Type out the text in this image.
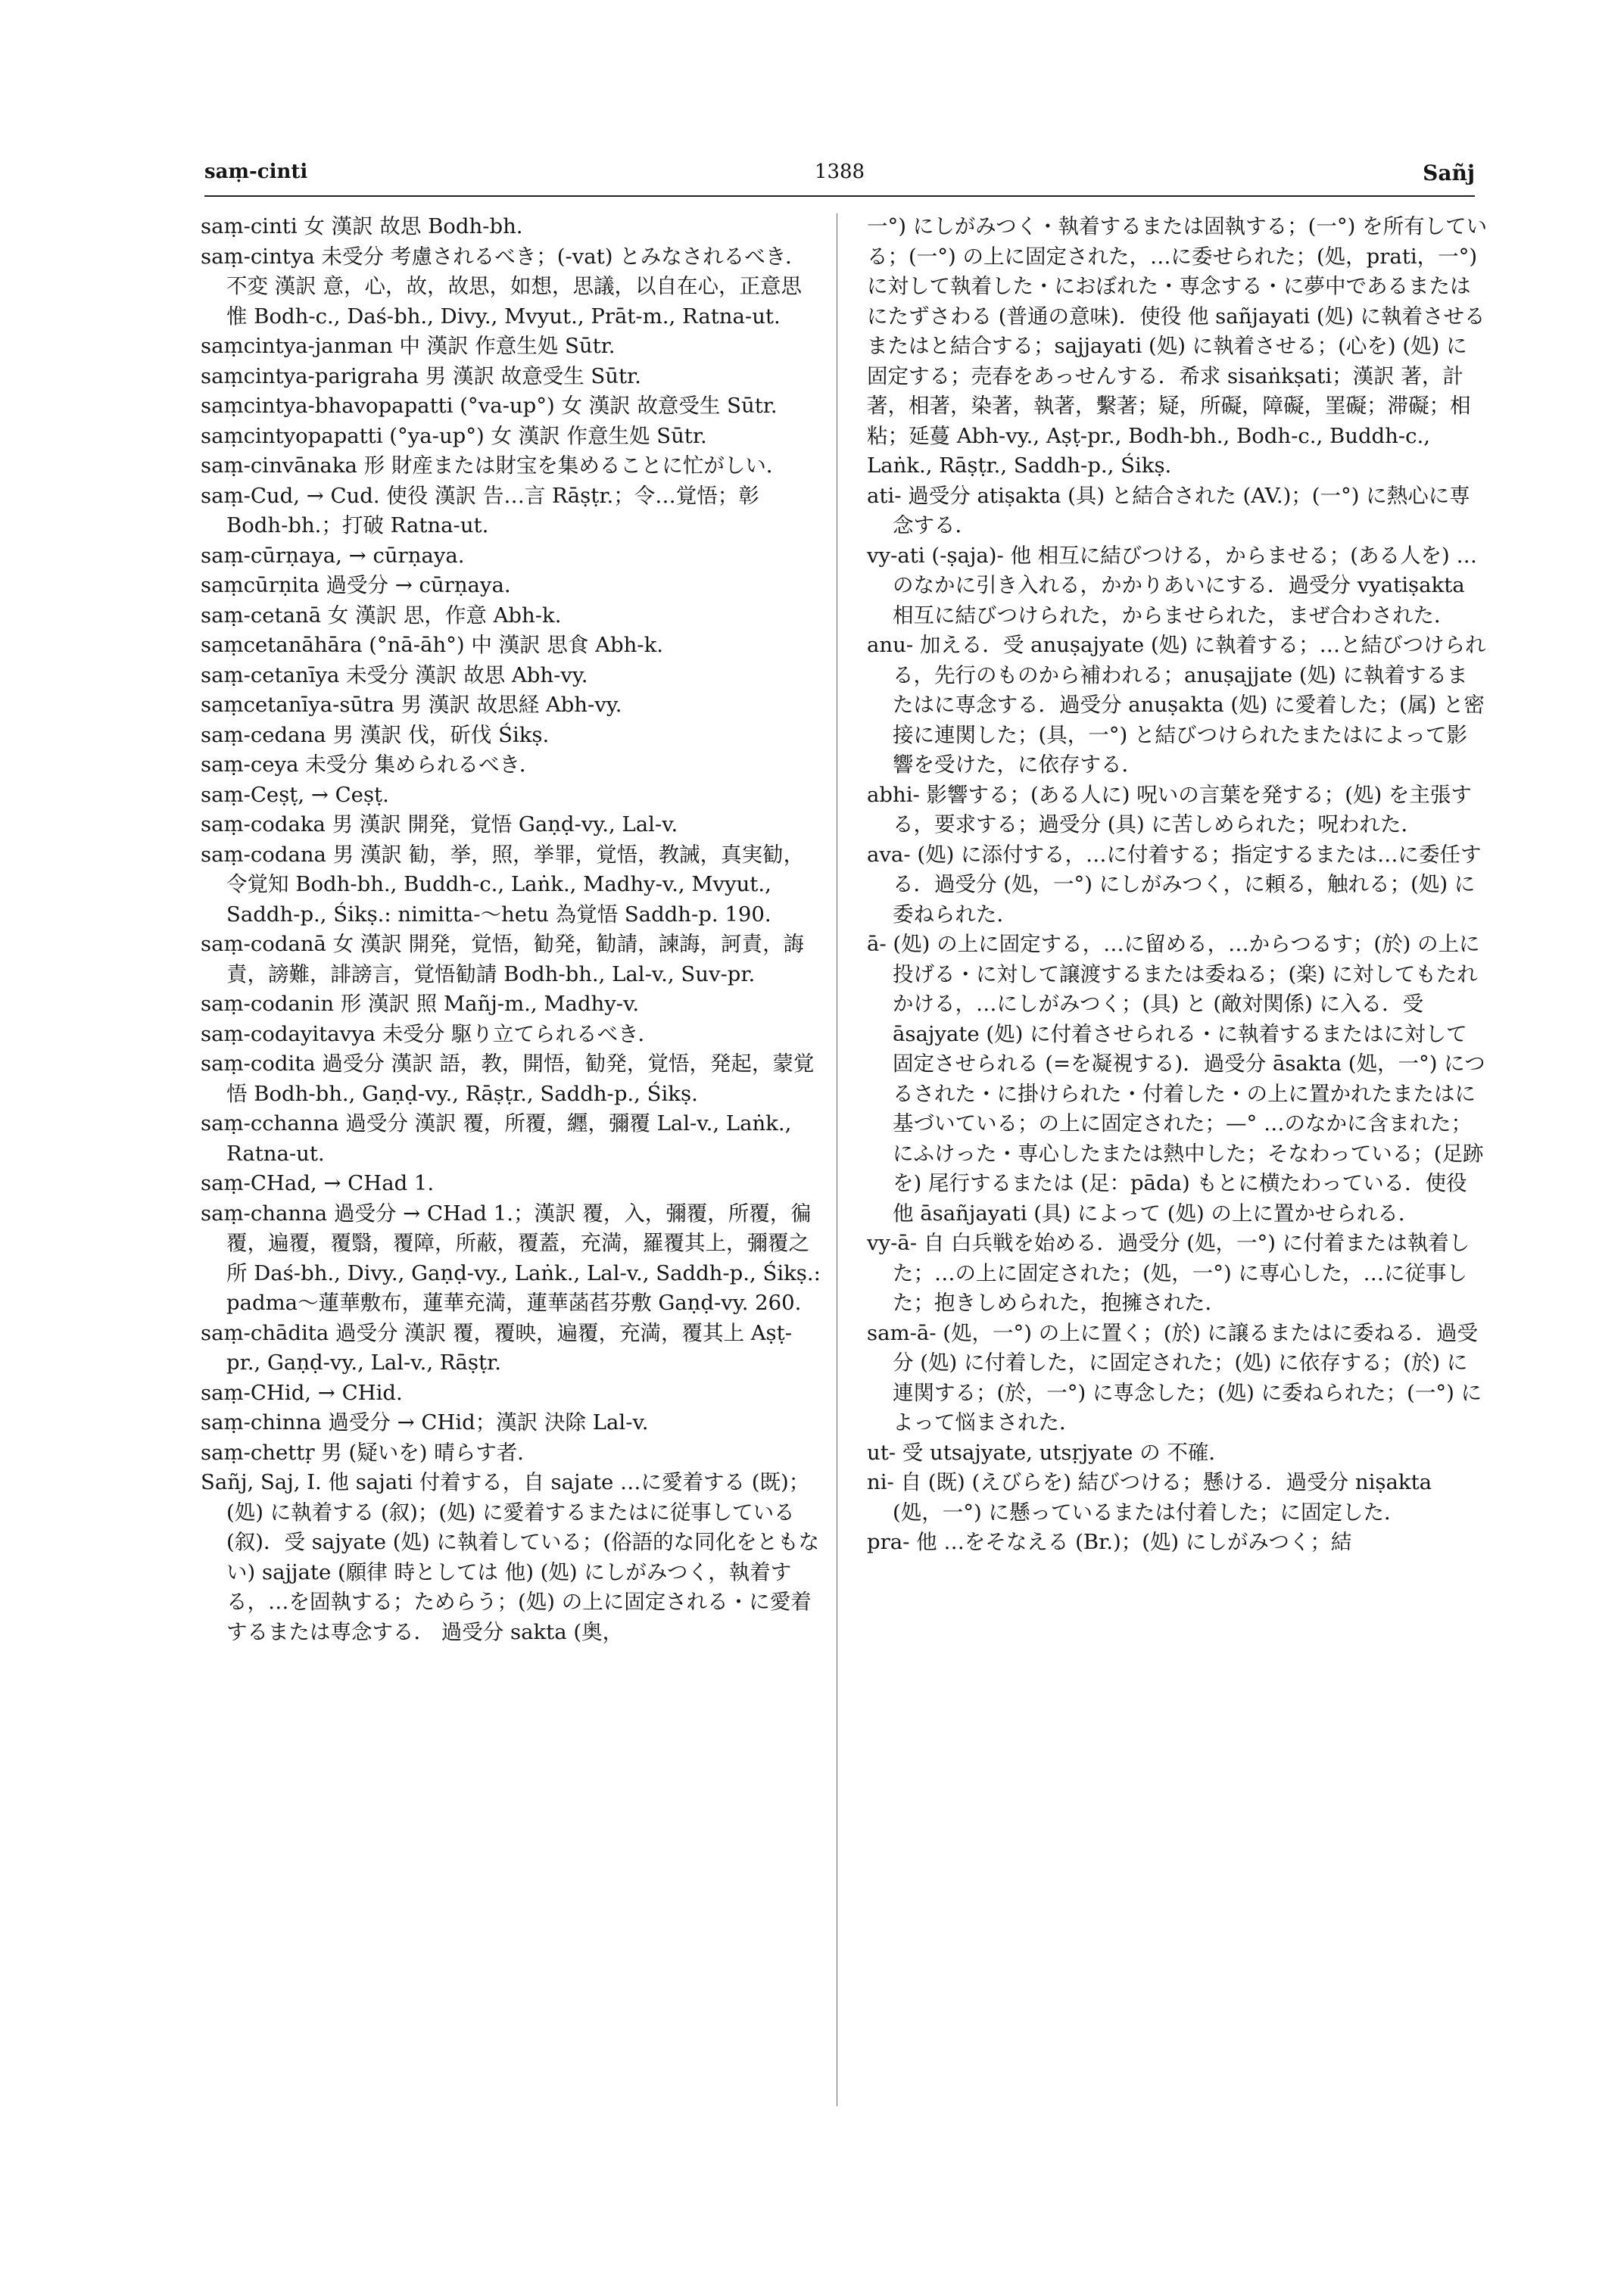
saṃ-cinti	1388	Sañj

saṃ-cinti 女 漢訳 故思 Bodh-bh.

saṃ-cintya 未受分 考慮されるべき；(-vat) とみなされるべき．不変 漢訳 意，心，故，故思，如想，思議，以自在心，正意思惟 Bodh-c., Daś-bh., Divy., Mvyut., Prāt-m., Ratna-ut.

saṃcintya-janman 中 漢訳 作意生処 Sūtr.

saṃcintya-parigraha 男 漢訳 故意受生 Sūtr.

saṃcintya-bhavopapatti (°va-up°) 女 漢訳 故意受生 Sūtr.

saṃcintyopapatti (°ya-up°) 女 漢訳 作意生処 Sūtr.

saṃ-cinvānaka 形 財産または財宝を集めることに忙がしい．

saṃ-Cud, → Cud. 使役 漢訳 告…言 Rāṣṭr.；令…覚悟；彰 Bodh-bh.；打破 Ratna-ut.

saṃ-cūrṇaya, → cūrṇaya.

saṃcūrṇita 過受分 → cūrṇaya.

saṃ-cetanā 女 漢訳 思，作意 Abh-k.

saṃcetanāhāra (°nā-āh°) 中 漢訳 思食 Abh-k.

saṃ-cetanīya 未受分 漢訳 故思 Abh-vy.

saṃcetanīya-sūtra 男 漢訳 故思経 Abh-vy.

saṃ-cedana 男 漢訳 伐，斫伐 Śikṣ.

saṃ-ceya 未受分 集められるべき．

saṃ-Ceṣṭ, → Ceṣṭ.

saṃ-codaka 男 漢訳 開発，覚悟 Gaṇḍ-vy., Lal-v.

saṃ-codana 男 漢訳 勧，挙，照，挙罪，覚悟，教誡，真実勧，令覚知 Bodh-bh., Buddh-c., Laṅk., Madhy-v., Mvyut., Saddh-p., Śikṣ.: nimitta-～hetu 為覚悟 Saddh-p. 190.

saṃ-codanā 女 漢訳 開発，覚悟，勧発，勧請，諫誨，訶責，誨責，謗難，誹謗言，覚悟勧請 Bodh-bh., Lal-v., Suv-pr.

saṃ-codanin 形 漢訳 照 Mañj-m., Madhy-v.

saṃ-codayitavya 未受分 駆り立てられるべき．

saṃ-codita 過受分 漢訳 語，教，開悟，勧発，覚悟，発起，蒙覚悟 Bodh-bh., Gaṇḍ-vy., Rāṣṭr., Saddh-p., Śikṣ.

saṃ-cchanna 過受分 漢訳 覆，所覆，纒，彌覆 Lal-v., Laṅk., Ratna-ut.

saṃ-CHad, → CHad 1.

saṃ-channa 過受分 → CHad 1.；漢訳 覆，入，彌覆，所覆，徧覆，遍覆，覆翳，覆障，所蔽，覆蓋，充満，羅覆其上，彌覆之所 Daś-bh., Divy., Gaṇḍ-vy., Laṅk., Lal-v., Saddh-p., Śikṣ.: padma～蓮華敷布，蓮華充満，蓮華菡萏芬敷 Gaṇḍ-vy. 260.

saṃ-chādita 過受分 漢訳 覆，覆映，遍覆，充満，覆其上 Aṣṭ-pr., Gaṇḍ-vy., Lal-v., Rāṣṭr.

saṃ-CHid, → CHid.

saṃ-chinna 過受分 → CHid；漢訳 決除 Lal-v.

saṃ-chettṛ 男 (疑いを) 晴らす者．

Sañj, Saj, I. 他 sajati 付着する，自 sajate …に愛着する (既)；(処) に執着する (叙)；(処) に愛着するまたはに従事している (叙)．受 sajyate (処) に執着している；(俗語的な同化をともない) sajjate (願律 時としては 他) (処) にしがみつく，執着する，…を固執する；ためらう；(処) の上に固定される・に愛着するまたは専念する． 過受分 sakta (奥，

一°) にしがみつく・執着するまたは固執する；(一°) を所有している；(一°) の上に固定された，…に委せられた；(処，prati，一°) に対して執着した・におぼれた・専念する・に夢中であるまたはにたずさわる (普通の意味)．使役 他 sañjayati (処) に執着させるまたはと結合する；sajjayati (処) に執着させる；(心を) (処) に固定する；売春をあっせんする．希求 sisaṅkṣati；漢訳 著，計著，相著，染著，執著，繫著；疑，所礙，障礙，罣礙；滞礙；相粘；延蔓 Abh-vy., Aṣṭ-pr., Bodh-bh., Bodh-c., Buddh-c., Laṅk., Rāṣṭr., Saddh-p., Śikṣ.

ati- 過受分 atiṣakta (具) と結合された (AV.)；(一°) に熱心に専念する．

vy-ati (-ṣaja)- 他 相互に結びつける，からませる；(ある人を) …のなかに引き入れる，かかりあいにする．過受分 vyatiṣakta 相互に結びつけられた，からませられた，まぜ合わされた．

anu- 加える．受 anuṣajyate (処) に執着する；…と結びつけられる，先行のものから補われる；anuṣajjate (処) に執着するまたはに専念する．過受分 anuṣakta (処) に愛着した；(属) と密接に連関した；(具，一°) と結びつけられたまたはによって影響を受けた，に依存する．

abhi- 影響する；(ある人に) 呪いの言葉を発する；(処) を主張する，要求する；過受分 (具) に苦しめられた；呪われた．

ava- (処) に添付する，…に付着する；指定するまたは…に委任する．過受分 (処，一°) にしがみつく，に頼る，触れる；(処) に委ねられた．

ā- (処) の上に固定する，…に留める，…からつるす；(於) の上に投げる・に対して譲渡するまたは委ねる；(楽) に対してもたれかける，…にしがみつく；(具) と (敵対関係) に入る．受 āsajyate (処) に付着させられる・に執着するまたはに対して固定させられる (=を凝視する)．過受分 āsakta (処，一°) につるされた・に掛けられた・付着した・の上に置かれたまたはに基づいている；の上に固定された；—° …のなかに含まれた；にふけった・専心したまたは熱中した；そなわっている；(足跡を) 尾行するまたは (足：pāda) もとに横たわっている．使役 他 āsañjayati (具) によって (処) の上に置かせられる．

vy-ā- 自 白兵戦を始める．過受分 (処，一°) に付着または執着した；…の上に固定された；(処，一°) に専心した，…に従事した；抱きしめられた，抱擁された．

sam-ā- (処，一°) の上に置く；(於) に譲るまたはに委ねる．過受分 (処) に付着した，に固定された；(処) に依存する；(於) に連関する；(於，一°) に専念した；(処) に委ねられた；(一°) によって悩まされた．

ut- 受 utsajyate, utsṛjyate の 不確．

ni- 自 (既) (えびらを) 結びつける；懸ける．過受分 niṣakta (処，一°) に懸っているまたは付着した；に固定した．

pra- 他 …をそなえる (Br.)；(処) にしがみつく；結
